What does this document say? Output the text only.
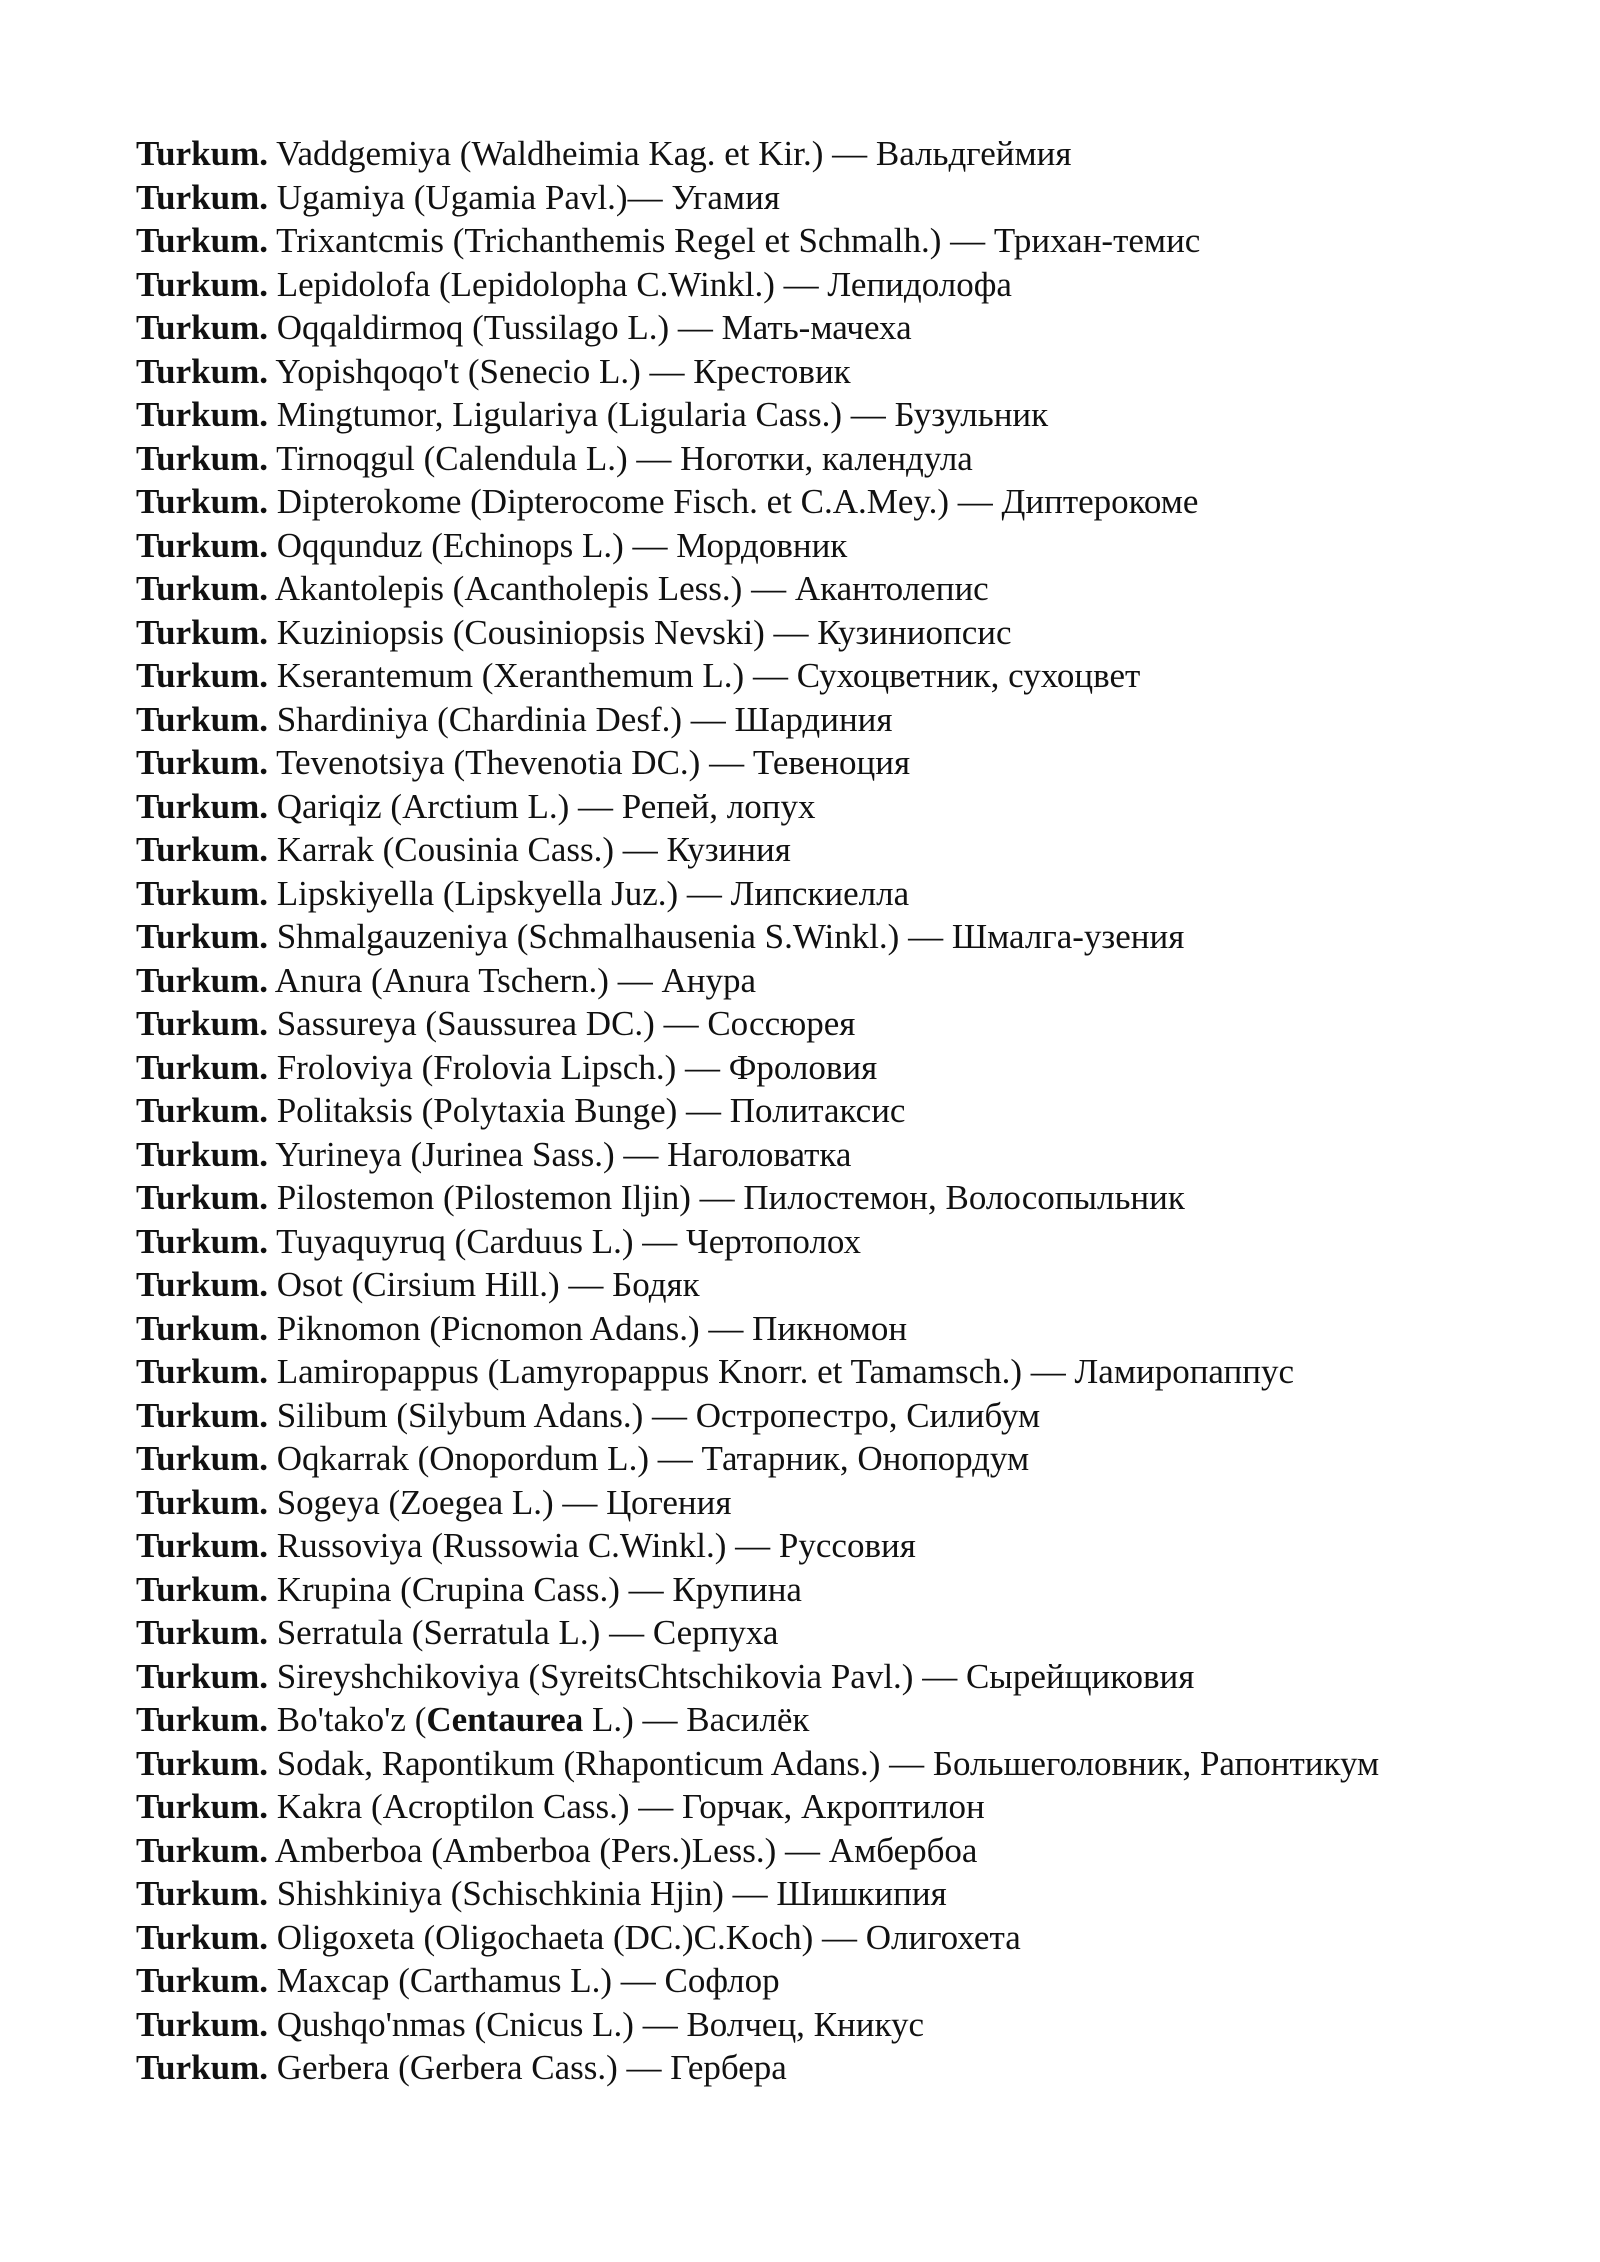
Turkum. Vaddgemiya (Waldheimia Kag. et Kir.) — Вальдгеймия
Turkum. Ugamiya (Ugamia Pavl.)— Угамия
Turkum. Trixantcmis (Trichanthemis Regel et Schmalh.) — Трихан-темис
Turkum. Lepidolofa (Lepidolopha C.Winkl.) — Лепидолофа
Turkum. Oqqaldirmoq (Tussilago L.) — Мать-мачеха
Turkum. Yopishqoqo't (Senecio L.) — Крестовик
Turkum. Mingtumor, Ligulariya (Ligularia Cass.) — Бузульник
Turkum. Tirnoqgul (Calendula L.) — Ноготки, календула
Turkum. Dipterokome (Dipterocome Fisch. et C.A.Mey.) — Диптерокоме
Turkum. Oqqunduz (Echinops L.) — Мордовник
Turkum. Akantolepis (Acantholepis Less.) — Акантолепис
Turkum. Kuziniopsis (Cousiniopsis Nevski) — Кузиниопсис
Turkum. Kserantemum (Xeranthemum L.) — Сухоцветник, сухоцвет
Turkum. Shardiniya (Chardinia Desf.) — Шардиния
Turkum. Tevenotsiya (Thevenotia DC.) — Тевеноция
Turkum. Qariqiz (Arctium L.) — Репей, лопух
Turkum. Karrak (Cousinia Cass.) — Кузиния
Turkum. Lipskiyella (Lipskyella Juz.) — Липскиелла
Turkum. Shmalgauzeniya (Schmalhausenia S.Winkl.) — Шмалга-узения
Turkum. Anura (Anura Tschern.) — Анура
Turkum. Sassureya (Saussurea DC.) — Соссюрея
Turkum. Froloviya (Frolovia Lipsch.) — Фроловия
Turkum. Politaksis (Polytaxia Bunge) — Политаксис
Turkum. Yurineya (Jurinea Sass.) — Наголоватка
Turkum. Pilostemon (Pilostemon Iljin) — Пилостемон, Волосопыльник
Turkum. Tuyaquyruq (Carduus L.) — Чертополох
Turkum. Osot (Cirsium Hill.) — Бодяк
Turkum. Piknomon (Picnomon Adans.) — Пикномон
Turkum. Lamiropappus (Lamyropappus Knorr. et Tamamsch.) — Ламиропаппус
Turkum. Silibum (Silybum Adans.) — Остропестро, Силибум
Turkum. Oqkarrak (Onopordum L.) — Татарник, Онопордум
Turkum. Sogeya (Zoegea L.) — Цогения
Turkum. Russoviya (Russowia C.Winkl.) — Руссовия
Turkum. Krupina (Crupina Cass.) — Крупина
Turkum. Serratula (Serratula L.) — Серпуха
Turkum. Sireyshchikoviya (SyreitsChtschikovia Pavl.) — Сырейщиковия
Turkum. Bo'tako'z (Centaurea L.) — Василёк
Turkum. Sodak, Rapontikum (Rhaponticum Adans.) — Большеголовник, Рапонтикум
Turkum. Kakra (Acroptilon Cass.) — Горчак, Акроптилон
Turkum. Amberboa (Amberboa (Pers.)Less.) — Амбербоа
Turkum. Shishkiniya (Schischkinia Hjin) — Шишкипия
Turkum. Oligoxeta (Oligochaeta (DC.)C.Koch) — Олигохета
Turkum. Maxcap (Carthamus L.) — Софлор
Turkum. Qushqo'nmas (Cnicus L.) — Волчец, Кникус
Turkum. Gerbera (Gerbera Cass.) — Гербера
